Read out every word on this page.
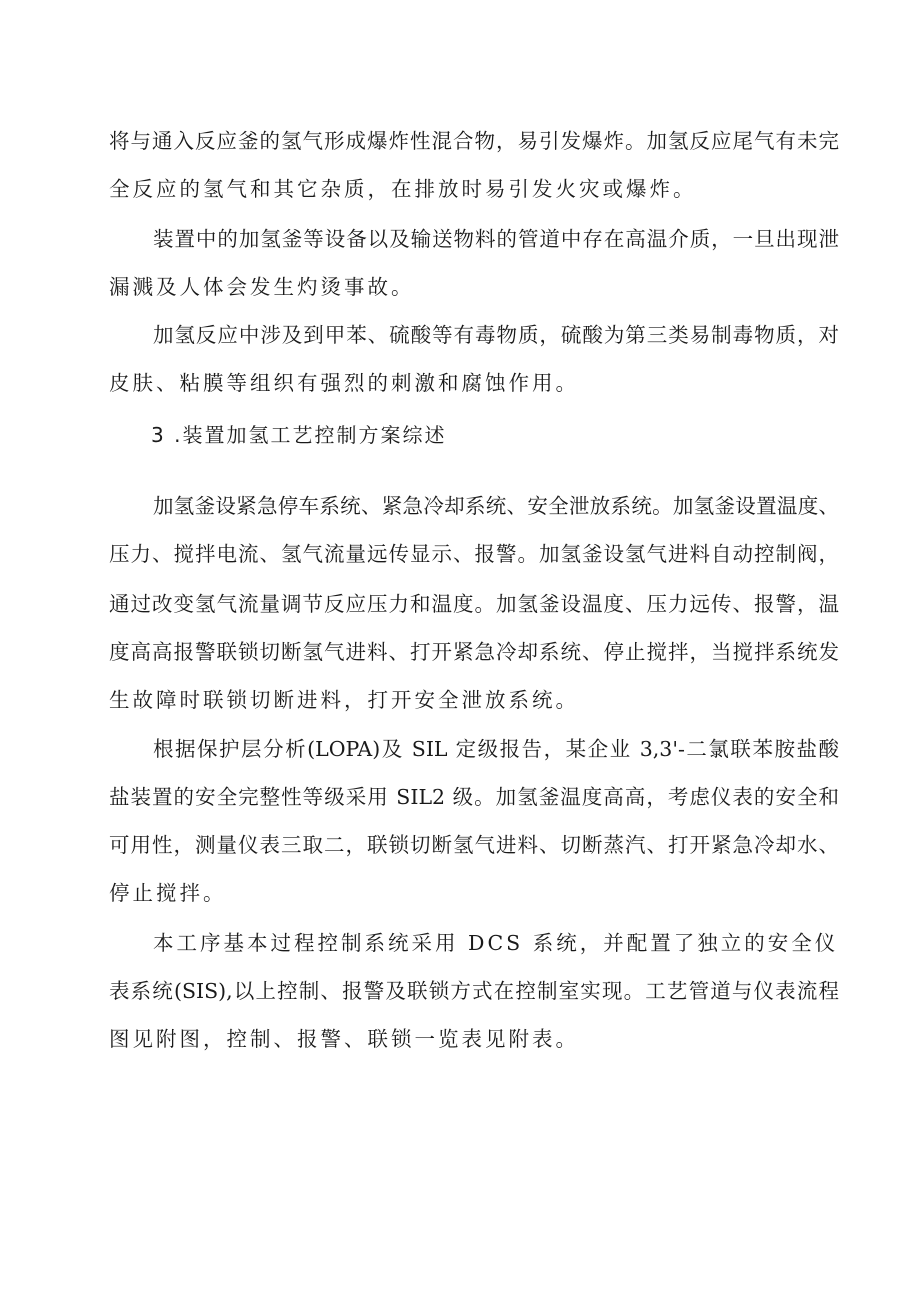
将与通入反应釜的氢气形成爆炸性混合物，易引发爆炸。加氢反应尾气有未完
全反应的氢气和其它杂质，在排放时易引发火灾或爆炸。
装置中的加氢釜等设备以及输送物料的管道中存在高温介质，一旦出现泄
漏溅及人体会发生灼烫事故。
加氢反应中涉及到甲苯、硫酸等有毒物质，硫酸为第三类易制毒物质，对
皮肤、粘膜等组织有强烈的刺激和腐蚀作用。
3 .装置加氢工艺控制方案综述
加氢釜设紧急停车系统、紧急冷却系统、安全泄放系统。加氢釜设置温度、
压力、搅拌电流、氢气流量远传显示、报警。加氢釜设氢气进料自动控制阀，
通过改变氢气流量调节反应压力和温度。加氢釜设温度、压力远传、报警，温
度高高报警联锁切断氢气进料、打开紧急冷却系统、停止搅拌，当搅拌系统发
生故障时联锁切断进料，打开安全泄放系统。
根据保护层分析(LOPA)及 SIL 定级报告，某企业 3,3'-二氯联苯胺盐酸
盐装置的安全完整性等级采用 SIL2 级。加氢釜温度高高，考虑仪表的安全和
可用性，测量仪表三取二，联锁切断氢气进料、切断蒸汽、打开紧急冷却水、
停止搅拌。
本工序基本过程控制系统采用 DCS 系统，并配置了独立的安全仪
表系统(SIS),以上控制、报警及联锁方式在控制室实现。工艺管道与仪表流程
图见附图，控制、报警、联锁一览表见附表。
